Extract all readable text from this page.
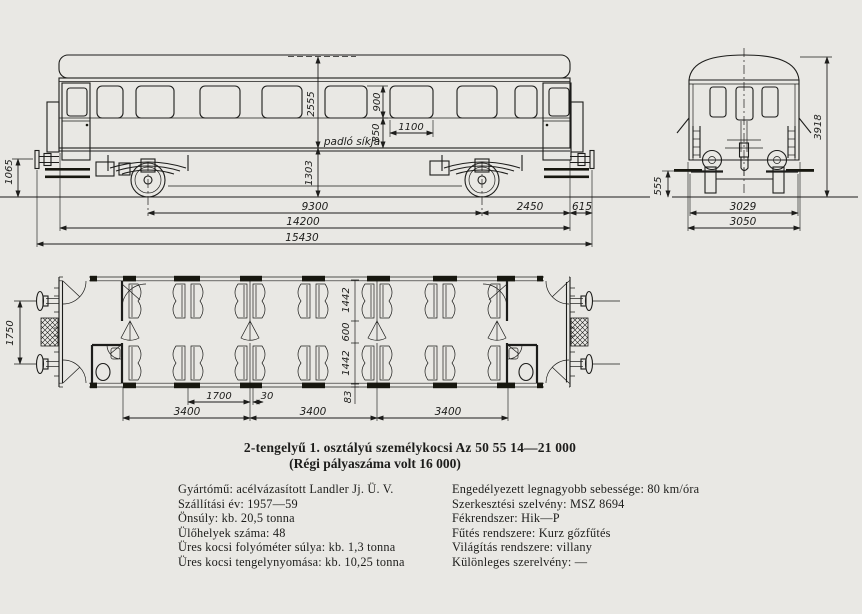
2555	900
850 1100
padló síkja
1303
1065
9300	2450	615
14200
15430
3918
555
3029
3050
1750
1442
600
1442
83
1700	30
3400	3400	3400
2-tengelyű 1. osztályú személykocsi Az 50 55 14—21 000
(Régi pályaszáma volt 16 000)
Gyártómű: acélvázasított Landler Jj. Ü. V.
Szállítási év: 1957—59
Önsúly: kb. 20,5 tonna
Ülőhelyek száma: 48
Üres kocsi folyóméter súlya: kb. 1,3 tonna
Üres kocsi tengelynyomása: kb. 10,25 tonna
Engedélyezett legnagyobb sebessége: 80 km/óra
Szerkesztési szelvény: MSZ 8694
Fékrendszer: Hik—P
Fűtés rendszere: Kurz gőzfűtés
Világítás rendszere: villany
Különleges szerelvény: —
